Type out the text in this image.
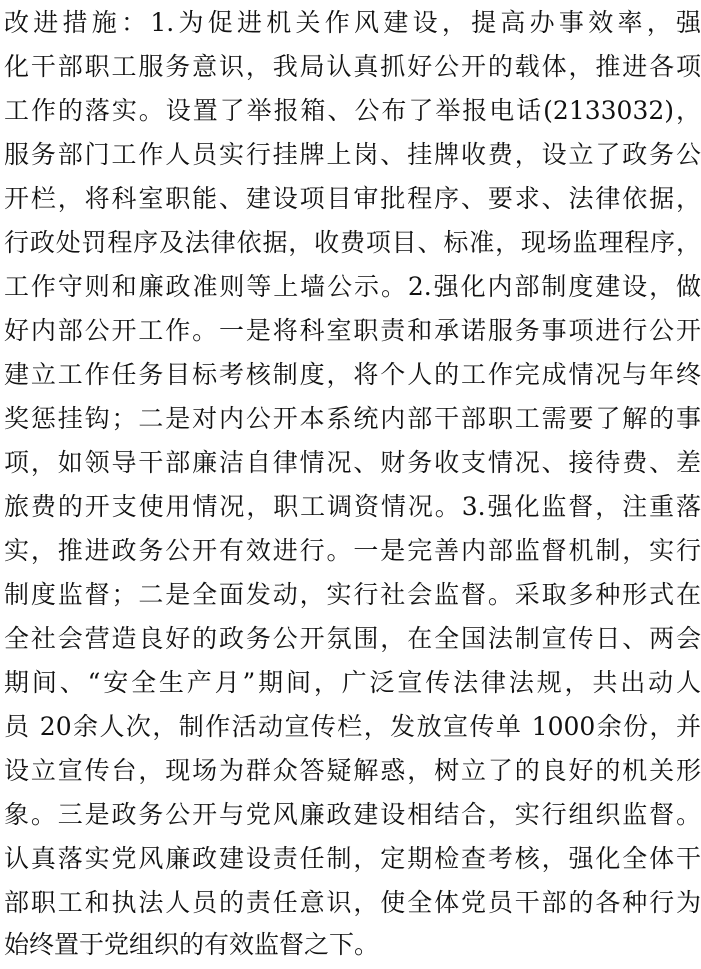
改进措施：1.为促进机关作风建设，提高办事效率，强
化干部职工服务意识，我局认真抓好公开的载体，推进各项
工作的落实。设置了举报箱、公布了举报电话(2133032)，
服务部门工作人员实行挂牌上岗、挂牌收费，设立了政务公
开栏，将科室职能、建设项目审批程序、要求、法律依据，
行政处罚程序及法律依据，收费项目、标准，现场监理程序，
工作守则和廉政准则等上墙公示。2.强化内部制度建设，做
好内部公开工作。一是将科室职责和承诺服务事项进行公开
建立工作任务目标考核制度，将个人的工作完成情况与年终
奖惩挂钩；二是对内公开本系统内部干部职工需要了解的事
项，如领导干部廉洁自律情况、财务收支情况、接待费、差
旅费的开支使用情况，职工调资情况。3.强化监督，注重落
实，推进政务公开有效进行。一是完善内部监督机制，实行
制度监督；二是全面发动，实行社会监督。采取多种形式在
全社会营造良好的政务公开氛围，在全国法制宣传日、两会
期间、“安全生产月”期间，广泛宣传法律法规，共出动人
员 20余人次，制作活动宣传栏，发放宣传单 1000余份，并
设立宣传台，现场为群众答疑解惑，树立了的良好的机关形
象。三是政务公开与党风廉政建设相结合，实行组织监督。
认真落实党风廉政建设责任制，定期检查考核，强化全体干
部职工和执法人员的责任意识，使全体党员干部的各种行为
始终置于党组织的有效监督之下。
